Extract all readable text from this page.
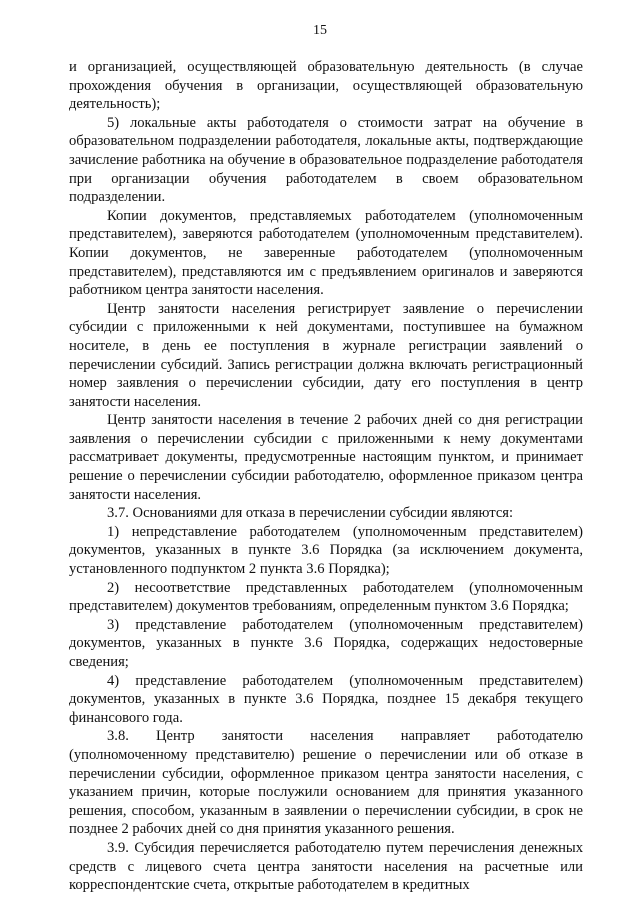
15

и организацией, осуществляющей образовательную деятельность (в случае прохождения обучения в организации, осуществляющей образовательную деятельность);

5) локальные акты работодателя о стоимости затрат на обучение в образовательном подразделении работодателя, локальные акты, подтверждающие зачисление работника на обучение в образовательное подразделение работодателя при организации обучения работодателем в своем образовательном подразделении.

Копии документов, представляемых работодателем (уполномоченным представителем), заверяются работодателем (уполномоченным представителем). Копии документов, не заверенные работодателем (уполномоченным представителем), представляются им с предъявлением оригиналов и заверяются работником центра занятости населения.

Центр занятости населения регистрирует заявление о перечислении субсидии с приложенными к ней документами, поступившее на бумажном носителе, в день ее поступления в журнале регистрации заявлений о перечислении субсидий. Запись регистрации должна включать регистрационный номер заявления о перечислении субсидии, дату его поступления в центр занятости населения.

Центр занятости населения в течение 2 рабочих дней со дня регистрации заявления о перечислении субсидии с приложенными к нему документами рассматривает документы, предусмотренные настоящим пунктом, и принимает решение о перечислении субсидии работодателю, оформленное приказом центра занятости населения.

3.7. Основаниями для отказа в перечислении субсидии являются:

1) непредставление работодателем (уполномоченным представителем) документов, указанных в пункте 3.6 Порядка (за исключением документа, установленного подпунктом 2 пункта 3.6 Порядка);

2) несоответствие представленных работодателем (уполномоченным представителем) документов требованиям, определенным пунктом 3.6 Порядка;

3) представление работодателем (уполномоченным представителем) документов, указанных в пункте 3.6 Порядка, содержащих недостоверные сведения;

4) представление работодателем (уполномоченным представителем) документов, указанных в пункте 3.6 Порядка, позднее 15 декабря текущего финансового года.

3.8. Центр занятости населения направляет работодателю (уполномоченному представителю) решение о перечислении или об отказе в перечислении субсидии, оформленное приказом центра занятости населения, с указанием причин, которые послужили основанием для принятия указанного решения, способом, указанным в заявлении о перечислении субсидии, в срок не позднее 2 рабочих дней со дня принятия указанного решения.

3.9. Субсидия перечисляется работодателю путем перечисления денежных средств с лицевого счета центра занятости населения на расчетные или корреспондентские счета, открытые работодателем в кредитных
